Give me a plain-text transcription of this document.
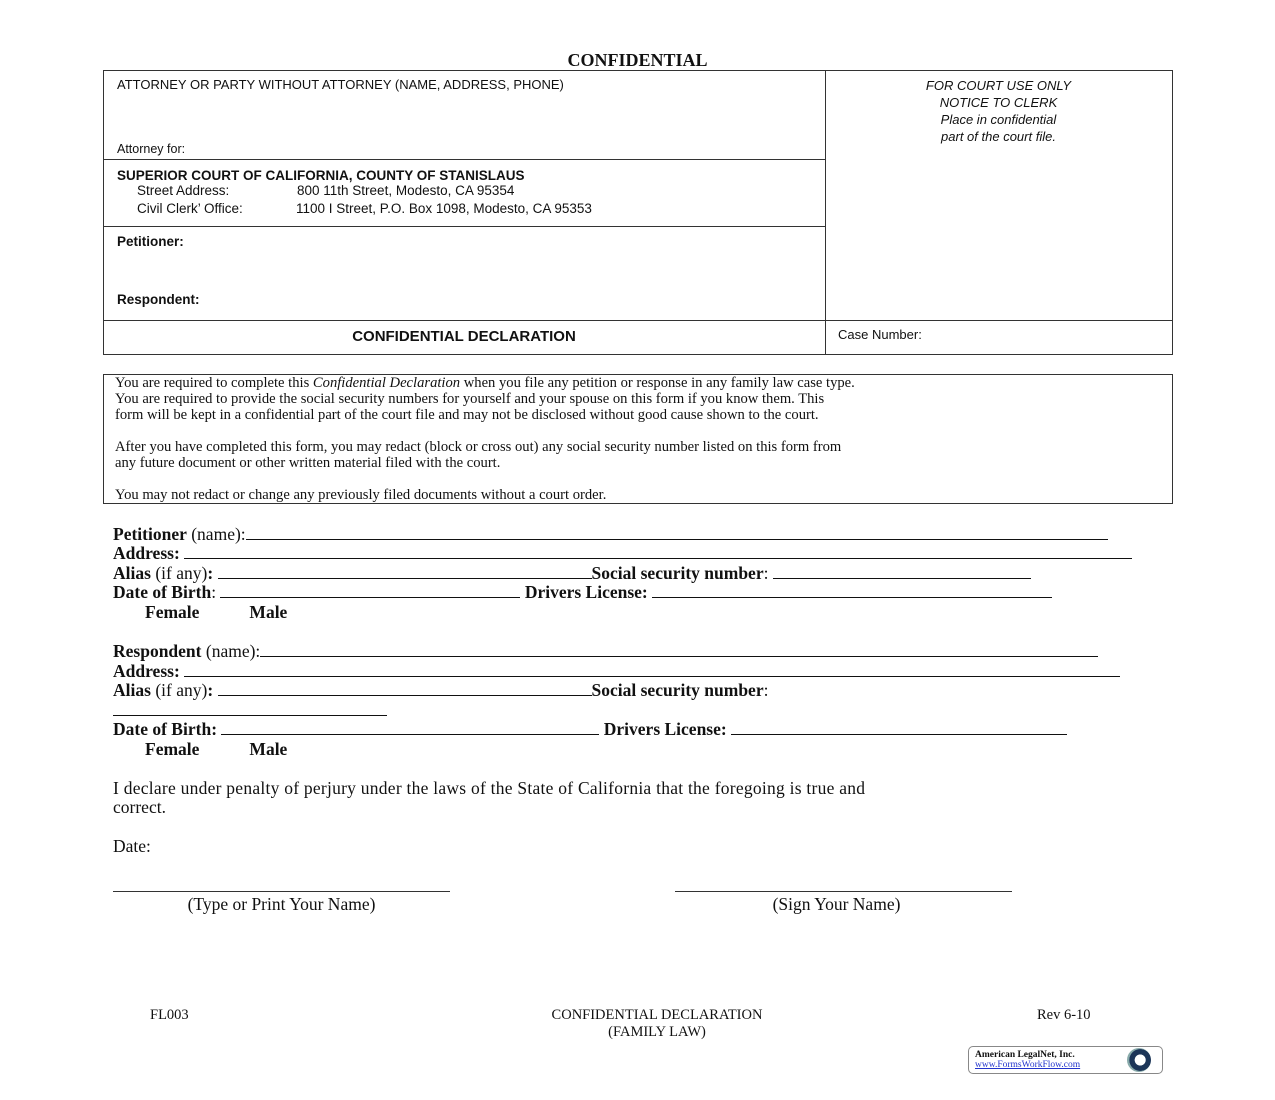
CONFIDENTIAL
ATTORNEY OR PARTY WITHOUT ATTORNEY (NAME, ADDRESS, PHONE)
Attorney for:
FOR COURT USE ONLY
NOTICE TO CLERK
Place in confidential
part of the court file.
SUPERIOR COURT OF CALIFORNIA, COUNTY OF STANISLAUS
Street Address:	800 11th Street, Modesto, CA 95354
Civil Clerk’ Office:	1100 I Street, P.O. Box 1098, Modesto, CA 95353
Petitioner:
Respondent:
CONFIDENTIAL DECLARATION	Case Number:
You are required to complete this Confidential Declaration when you file any petition or response in any family law case type.
You are required to provide the social security numbers for yourself and your spouse on this form if you know them. This
form will be kept in a confidential part of the court file and may not be disclosed without good cause shown to the court.
After you have completed this form, you may redact (block or cross out) any social security number listed on this form from
any future document or other written material filed with the court.
You may not redact or change any previously filed documents without a court order.
Petitioner (name):
Address:
Alias (if any):	Social security number:
Date of Birth:	Drivers License:
Female	Male
Respondent (name):
Address:
Alias (if any):	Social security number:
Date of Birth:	Drivers License:
Female	Male
I declare under penalty of perjury under the laws of the State of California that the foregoing is true and
correct.
Date:
(Type or Print Your Name)	(Sign Your Name)
FL003	CONFIDENTIAL DECLARATION
(FAMILY LAW)
Rev 6-10
American LegalNet, Inc.
www.FormsWorkFlow.com
